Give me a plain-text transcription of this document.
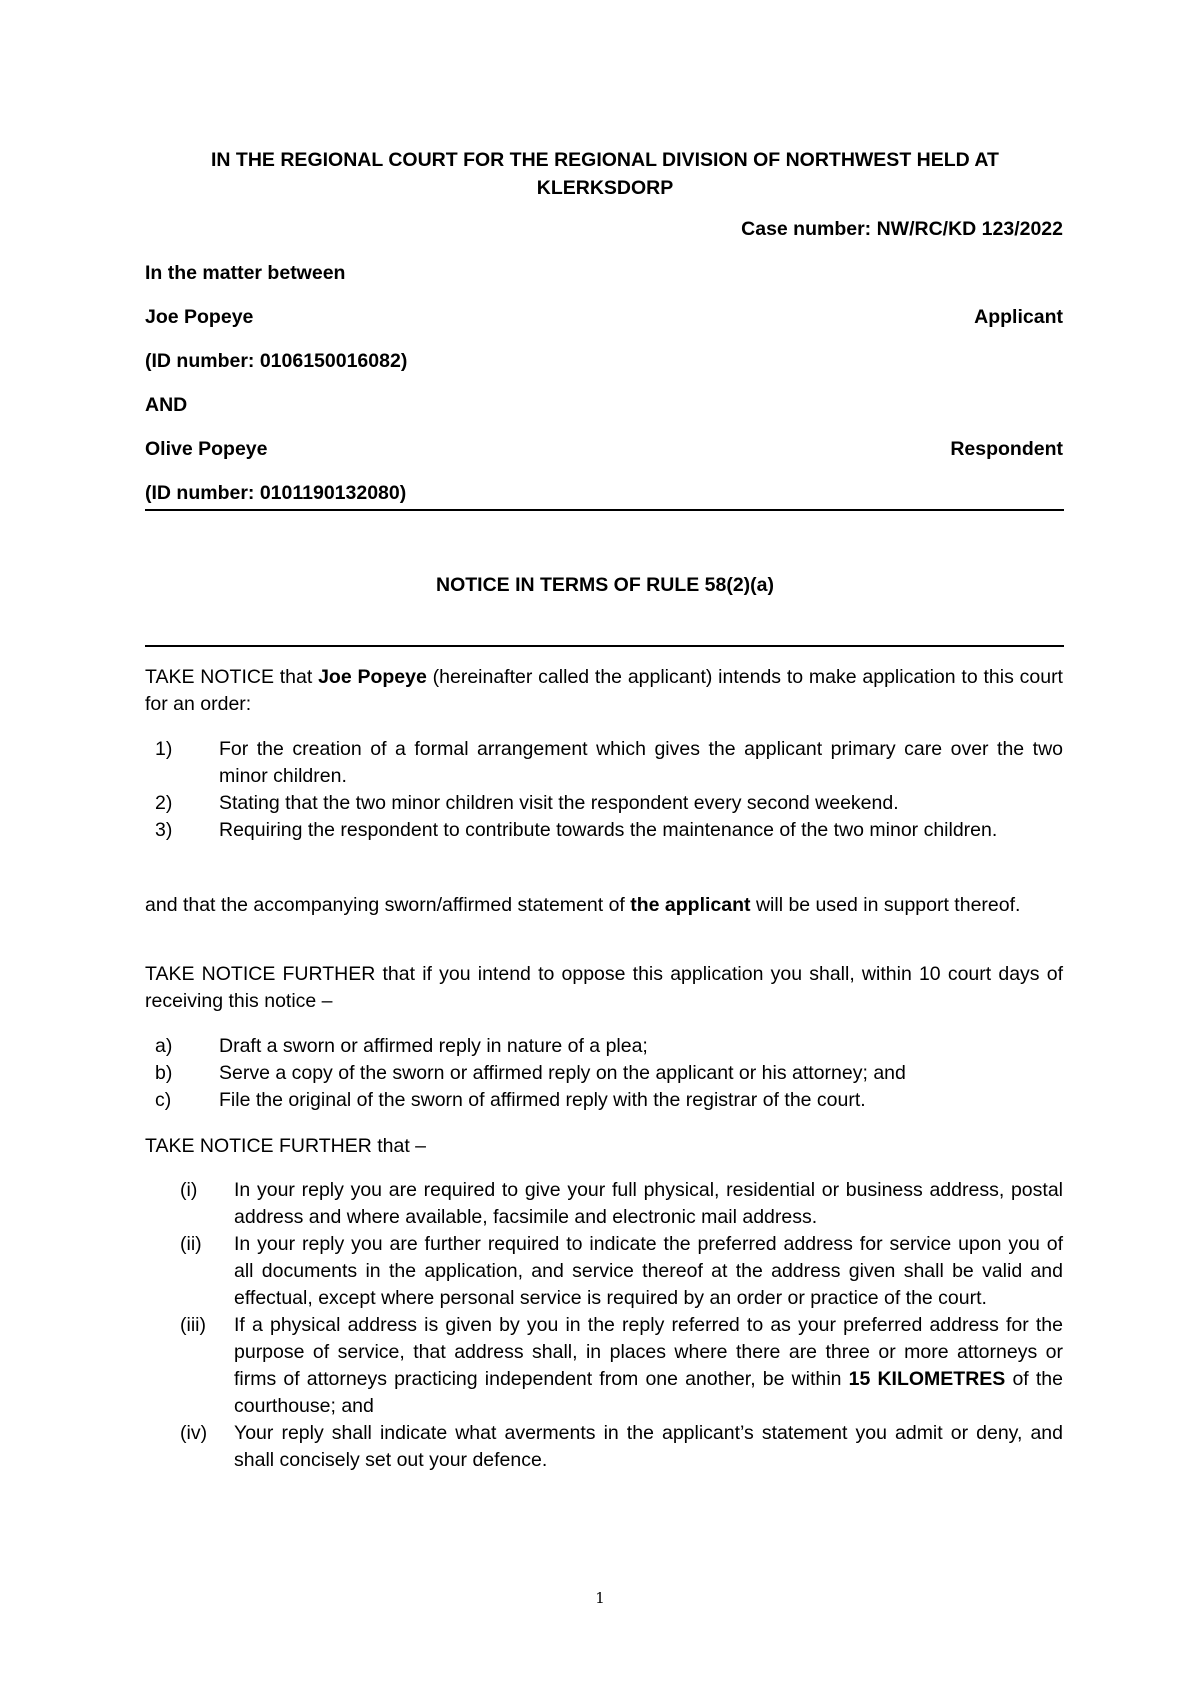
IN THE REGIONAL COURT FOR THE REGIONAL DIVISION OF NORTHWEST HELD AT KLERKSDORP
Case number: NW/RC/KD 123/2022
In the matter between
Joe Popeye	Applicant
(ID number: 0106150016082)
AND
Olive Popeye	Respondent
(ID number: 0101190132080)
NOTICE IN TERMS OF RULE 58(2)(a)
TAKE NOTICE that Joe Popeye (hereinafter called the applicant) intends to make application to this court for an order:
1)	For the creation of a formal arrangement which gives the applicant primary care over the two minor children.
2)	Stating that the two minor children visit the respondent every second weekend.
3)	Requiring the respondent to contribute towards the maintenance of the two minor children.
and that the accompanying sworn/affirmed statement of the applicant will be used in support thereof.
TAKE NOTICE FURTHER that if you intend to oppose this application you shall, within 10 court days of receiving this notice –
a)	Draft a sworn or affirmed reply in nature of a plea;
b)	Serve a copy of the sworn or affirmed reply on the applicant or his attorney; and
c)	File the original of the sworn of affirmed reply with the registrar of the court.
TAKE NOTICE FURTHER that –
(i)	In your reply you are required to give your full physical, residential or business address, postal address and where available, facsimile and electronic mail address.
(ii)	In your reply you are further required to indicate the preferred address for service upon you of all documents in the application, and service thereof at the address given shall be valid and effectual, except where personal service is required by an order or practice of the court.
(iii)	If a physical address is given by you in the reply referred to as your preferred address for the purpose of service, that address shall, in places where there are three or more attorneys or firms of attorneys practicing independent from one another, be within 15 KILOMETRES of the courthouse; and
(iv)	Your reply shall indicate what averments in the applicant’s statement you admit or deny, and shall concisely set out your defence.
1
